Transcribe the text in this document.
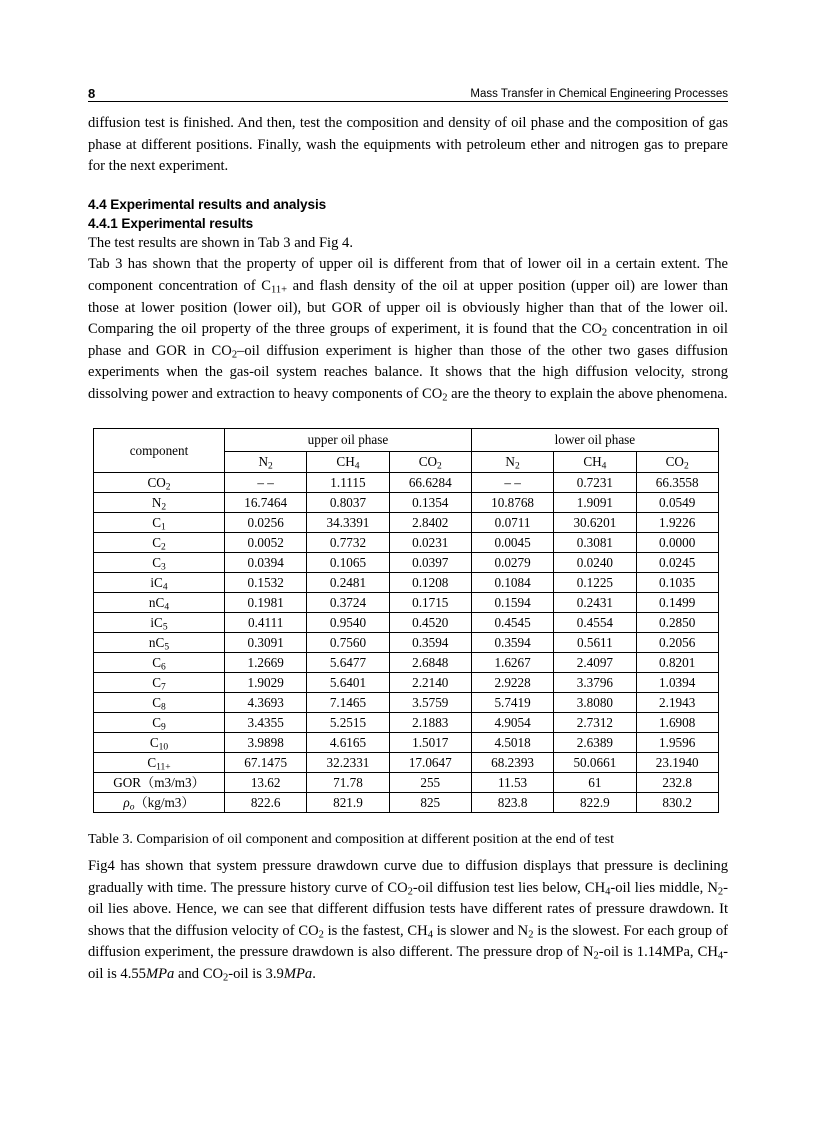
8	Mass Transfer in Chemical Engineering Processes

diffusion test is finished. And then, test the composition and density of oil phase and the composition of gas phase at different positions. Finally, wash the equipments with petroleum ether and nitrogen gas to prepare for the next experiment.

4.4 Experimental results and analysis
4.4.1 Experimental results

The test results are shown in Tab 3 and Fig 4.

Tab 3 has shown that the property of upper oil is different from that of lower oil in a certain extent. The component concentration of $C_{11+}$ and flash density of the oil at upper position (upper oil) are lower than those at lower position (lower oil), but GOR of upper oil is obviously higher than that of the lower oil. Comparing the oil property of the three groups of experiment, it is found that the $CO_2$ concentration in oil phase and GOR in $CO_2$–oil diffusion experiment is higher than those of the other two gases diffusion experiments when the gas-oil system reaches balance. It shows that the high diffusion velocity, strong dissolving power and extraction to heavy components of $CO_2$ are the theory to explain the above phenomena.

component	upper oil phase			lower oil phase		
	$N_2$	$CH_4$	$CO_2$	$N_2$	$CH_4$	$CO_2$
$CO_2$	– –	1.1115	66.6284	– –	0.7231	66.3558
$N_2$	16.7464	0.8037	0.1354	10.8768	1.9091	0.0549
$C_1$	0.0256	34.3391	2.8402	0.0711	30.6201	1.9226
$C_2$	0.0052	0.7732	0.0231	0.0045	0.3081	0.0000
$C_3$	0.0394	0.1065	0.0397	0.0279	0.0240	0.0245
$iC_4$	0.1532	0.2481	0.1208	0.1084	0.1225	0.1035
$nC_4$	0.1981	0.3724	0.1715	0.1594	0.2431	0.1499
$iC_5$	0.4111	0.9540	0.4520	0.4545	0.4554	0.2850
$nC_5$	0.3091	0.7560	0.3594	0.3594	0.5611	0.2056
$C_6$	1.2669	5.6477	2.6848	1.6267	2.4097	0.8201
$C_7$	1.9029	5.6401	2.2140	2.9228	3.3796	1.0394
$C_8$	4.3693	7.1465	3.5759	5.7419	3.8080	2.1943
$C_9$	3.4355	5.2515	2.1883	4.9054	2.7312	1.6908
$C_{10}$	3.9898	4.6165	1.5017	4.5018	2.6389	1.9596
$C_{11+}$	67.1475	32.2331	17.0647	68.2393	50.0661	23.1940
GOR（m3/m3）	13.62	71.78	255	11.53	61	232.8
$\rho_o(kg/m3)$	822.6	821.9	825	823.8	822.9	830.2
Table 3. Comparision of oil component and composition at different position at the end of test

Fig4 has shown that system pressure drawdown curve due to diffusion displays that pressure is declining gradually with time. The pressure history curve of $CO_2$-oil diffusion test lies below, $CH_4$-oil lies middle, $N_2$-oil lies above. Hence, we can see that different diffusion tests have different rates of pressure drawdown. It shows that the diffusion velocity of $CO_2$ is the fastest, $CH_4$ is slower and $N_2$ is the slowest. For each group of diffusion experiment, the pressure drawdown is also different. The pressure drop of $N_2$-oil is 1.14MPa, $CH_4$-oil is 4.55MPa and $CO_2$-oil is 3.9MPa.
